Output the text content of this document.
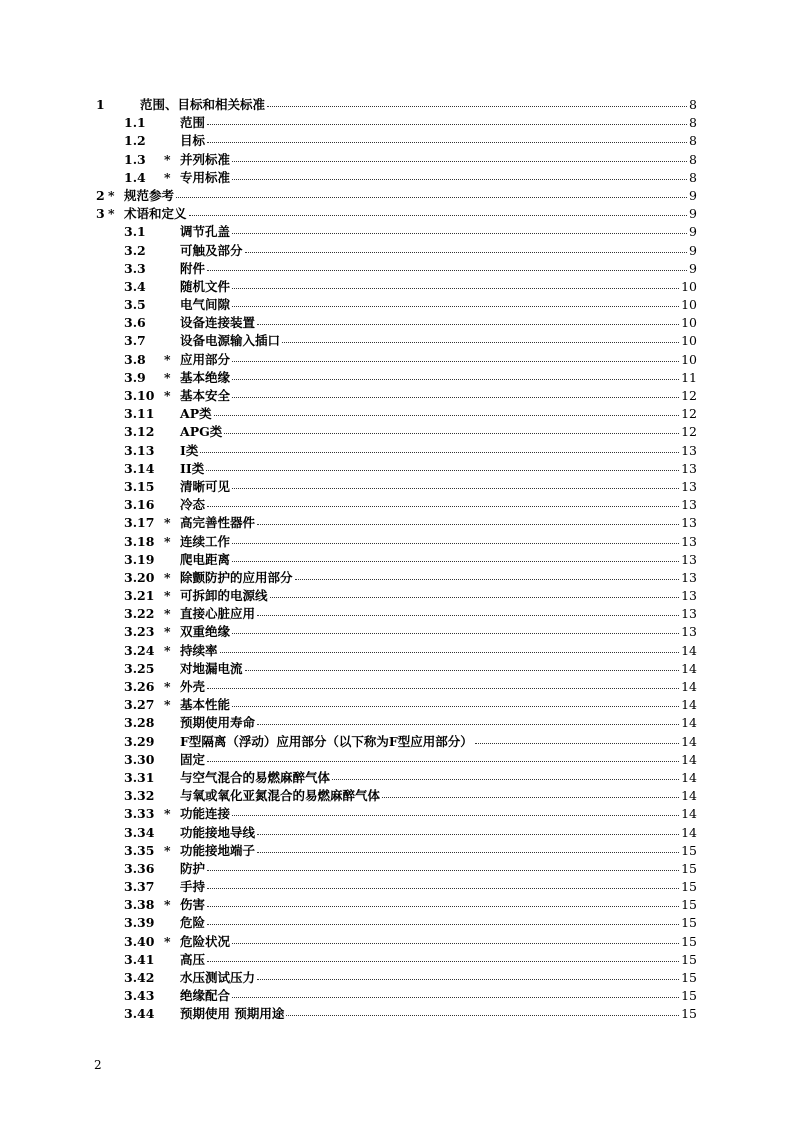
1	范围、目标和相关标准	8
1.1	范围	8
1.2	目标	8
1.3 * 并列标准	8
1.4 * 专用标准	8
2 * 规范参考	9
3 * 术语和定义	9
3.1	调节孔盖	9
3.2	可触及部分	9
3.3	附件	9
3.4	随机文件	10
3.5	电气间隙	10
3.6	设备连接装置	10
3.7	设备电源输入插口	10
3.8 * 应用部分	10
3.9 * 基本绝缘	11
3.10 * 基本安全	12
3.11 AP类	12
3.12 APG类	12
3.13 I类	13
3.14 II类	13
3.15 清晰可见	13
3.16 冷态	13
3.17 * 高完善性器件	13
3.18 * 连续工作	13
3.19 爬电距离	13
3.20 * 除颤防护的应用部分	13
3.21 * 可拆卸的电源线	13
3.22 * 直接心脏应用	13
3.23 * 双重绝缘	13
3.24 * 持续率	14
3.25 对地漏电流	14
3.26 * 外壳	14
3.27 * 基本性能	14
3.28 预期使用寿命	14
3.29 F型隔离（浮动）应用部分（以下称为F型应用部分）	14
3.30 固定	14
3.31 与空气混合的易燃麻醉气体	14
3.32 与氧或氧化亚氮混合的易燃麻醉气体	14
3.33 * 功能连接	14
3.34 功能接地导线	14
3.35 * 功能接地端子	15
3.36 防护	15
3.37 手持	15
3.38 * 伤害	15
3.39 危险	15
3.40 * 危险状况	15
3.41 高压	15
3.42 水压测试压力	15
3.43 绝缘配合	15
3.44 预期使用 预期用途	15
2
